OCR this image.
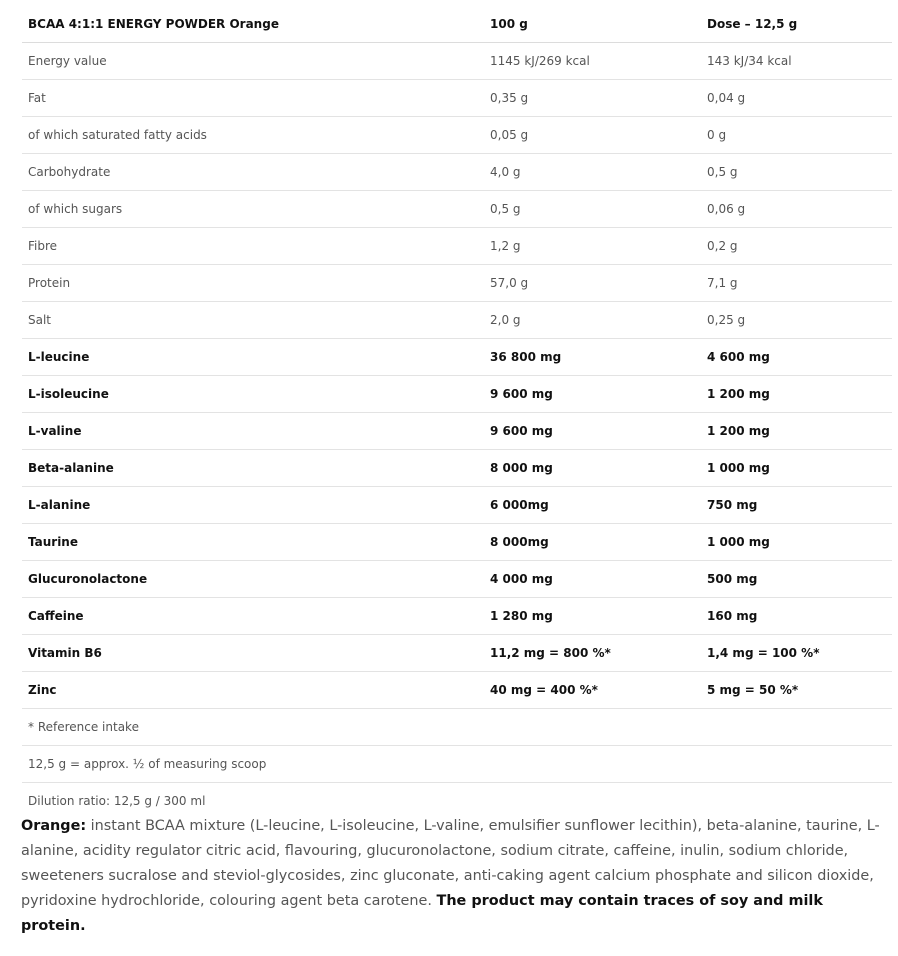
BCAA 4:1:1 ENERGY POWDER Orange	100 g	Dose – 12,5 g
Energy value	1145 kJ/269 kcal	143 kJ/34 kcal
Fat	0,35 g	0,04 g
of which saturated fatty acids	0,05 g	0 g
Carbohydrate	4,0 g	0,5 g
of which sugars	0,5 g	0,06 g
Fibre	1,2 g	0,2 g
Protein	57,0 g	7,1 g
Salt	2,0 g	0,25 g
L-leucine	36 800 mg	4 600 mg
L-isoleucine	9 600 mg	1 200 mg
L-valine	9 600 mg	1 200 mg
Beta-alanine	8 000 mg	1 000 mg
L-alanine	6 000mg	750 mg
Taurine	8 000mg	1 000 mg
Glucuronolactone	4 000 mg	500 mg
Caffeine	1 280 mg	160 mg
Vitamin B6	11,2 mg = 800 %*	1,4 mg = 100 %*
Zinc	40 mg = 400 %*	5 mg = 50 %*
* Reference intake
12,5 g = approx. ½ of measuring scoop
Dilution ratio: 12,5 g / 300 ml
Orange: instant BCAA mixture (L-leucine, L-isoleucine, L-valine, emulsifier sunflower lecithin), beta-alanine, taurine, L-alanine, acidity regulator citric acid, flavouring, glucuronolactone, sodium citrate, caffeine, inulin, sodium chloride, sweeteners sucralose and steviol-glycosides, zinc gluconate, anti-caking agent calcium phosphate and silicon dioxide, pyridoxine hydrochloride, colouring agent beta carotene. The product may contain traces of soy and milk protein.
